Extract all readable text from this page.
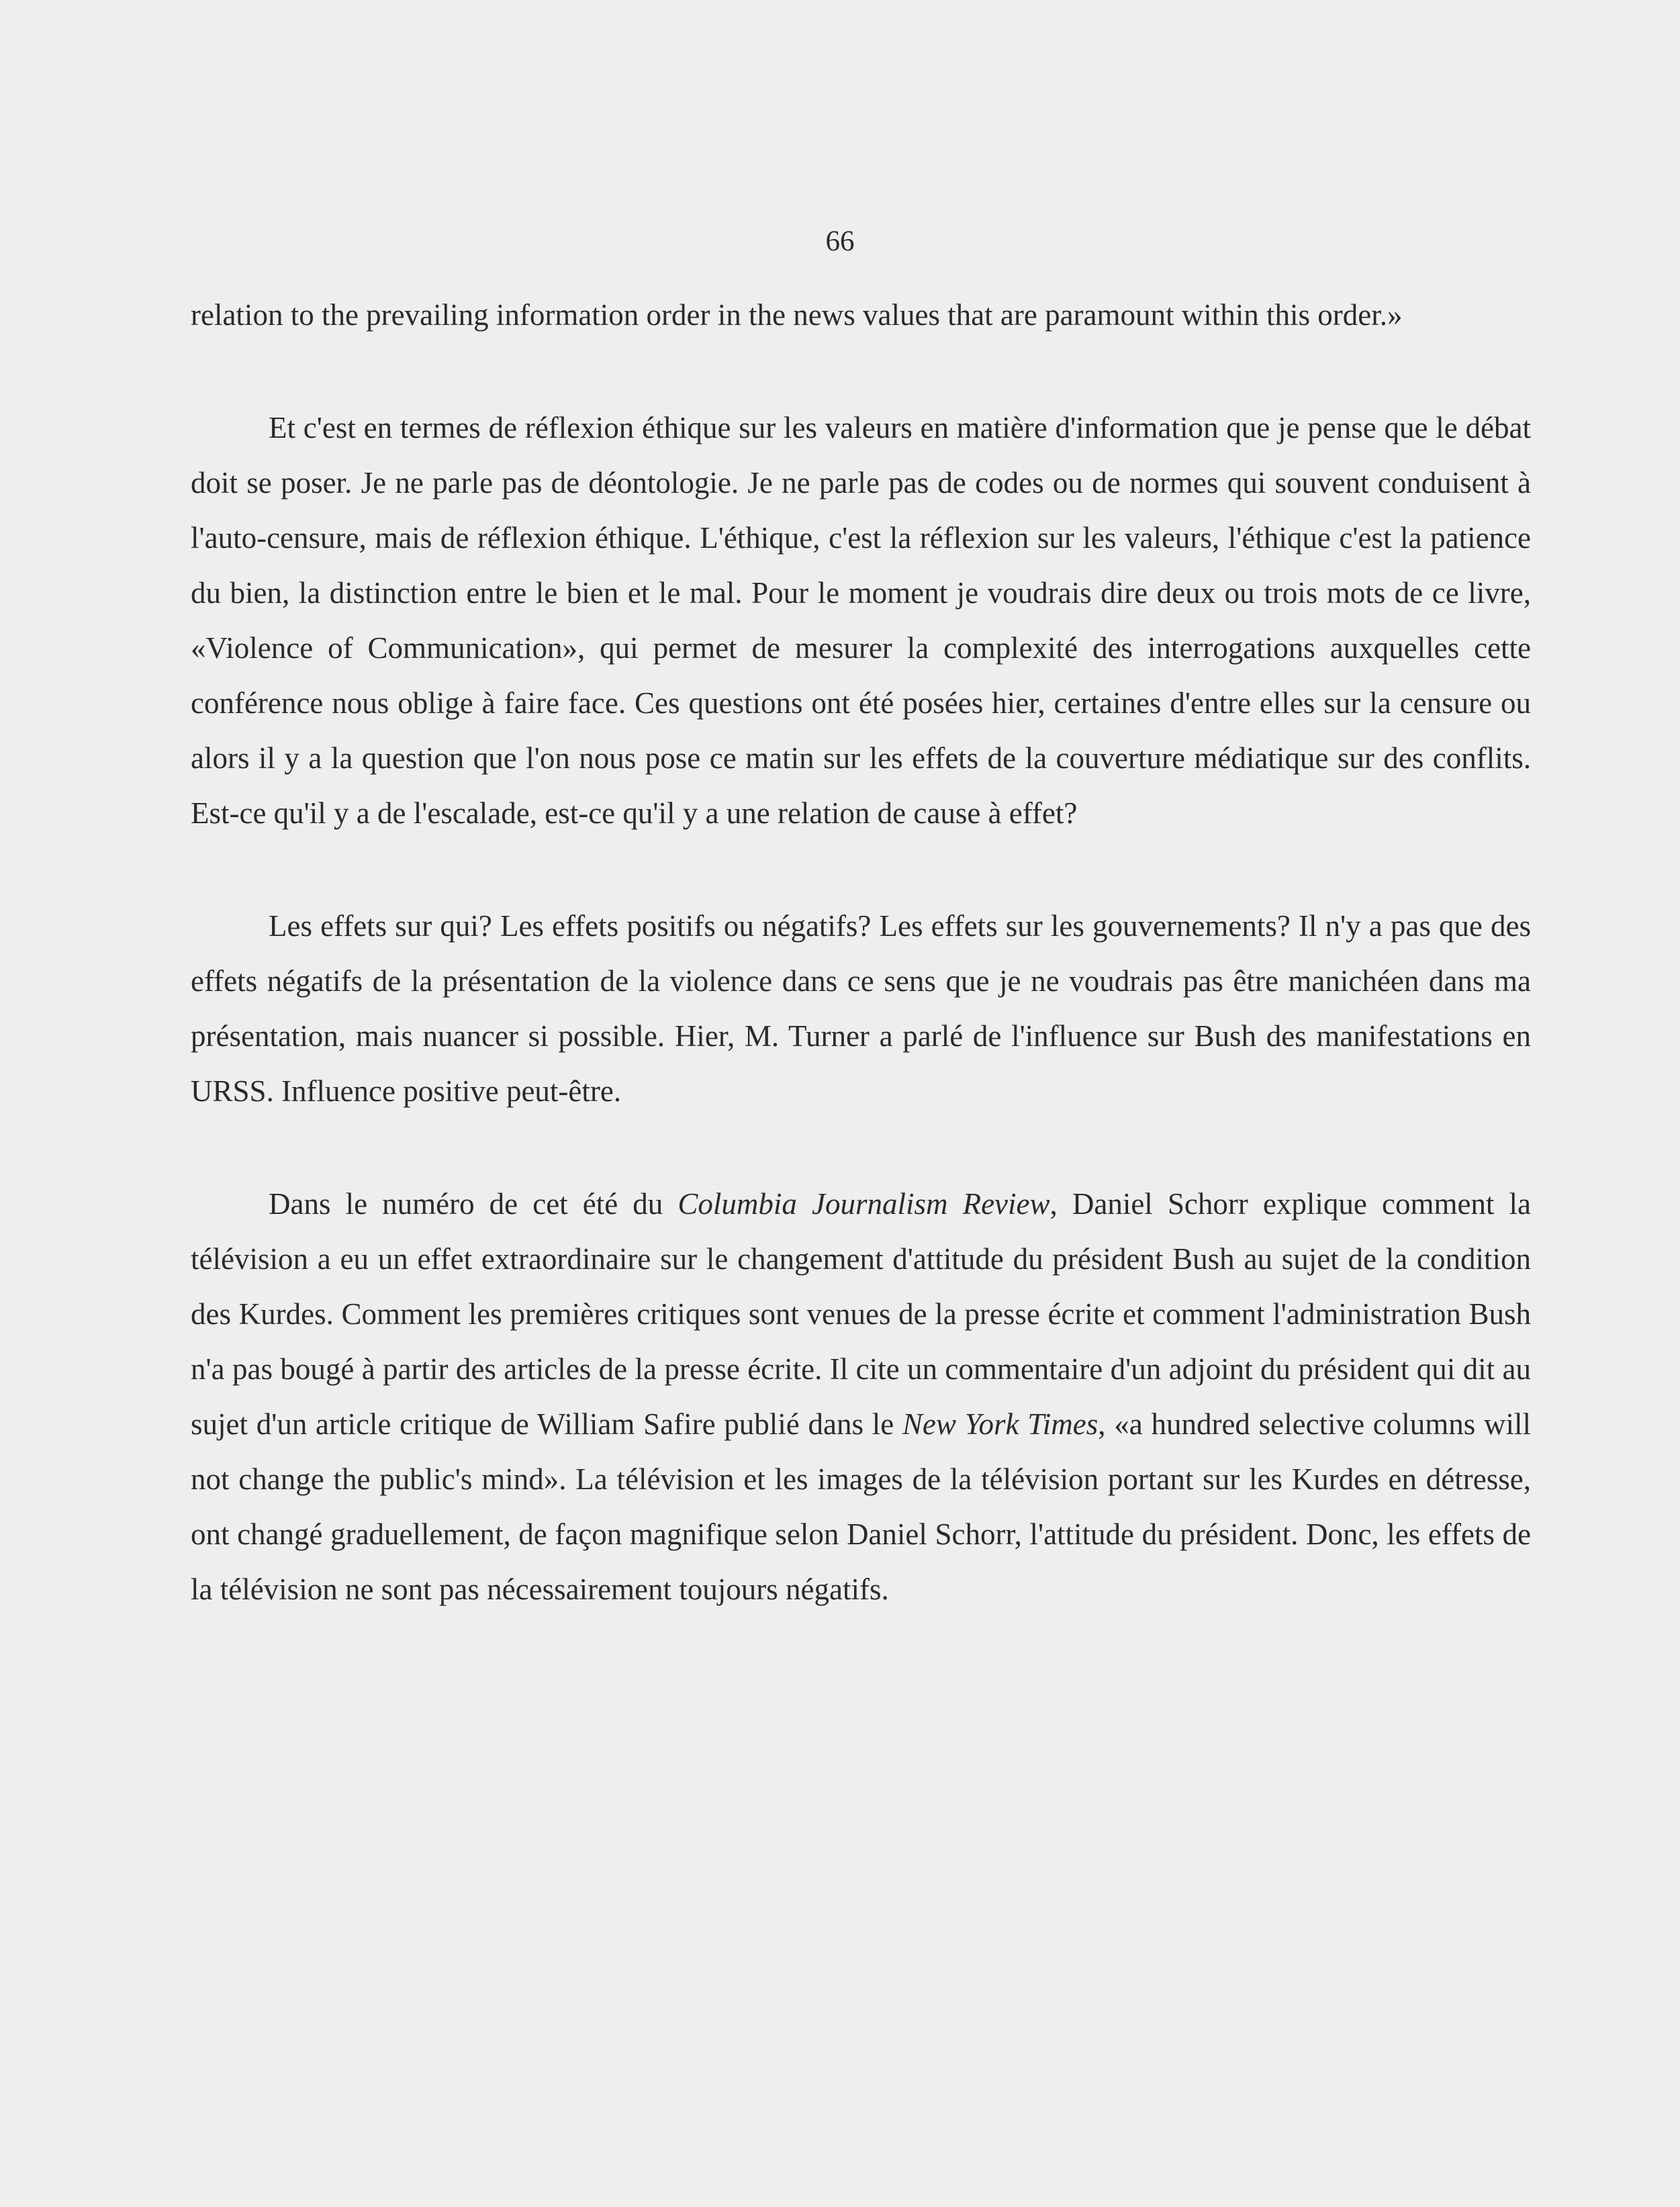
66

relation to the prevailing information order in the news values that are paramount within this order.»

Et c'est en termes de réflexion éthique sur les valeurs en matière d'information que je pense que le débat doit se poser. Je ne parle pas de déontologie. Je ne parle pas de codes ou de normes qui souvent conduisent à l'auto-censure, mais de réflexion éthique. L'éthique, c'est la réflexion sur les valeurs, l'éthique c'est la patience du bien, la distinction entre le bien et le mal. Pour le moment je voudrais dire deux ou trois mots de ce livre, «Violence of Communication», qui permet de mesurer la complexité des interrogations auxquelles cette conférence nous oblige à faire face. Ces questions ont été posées hier, certaines d'entre elles sur la censure ou alors il y a la question que l'on nous pose ce matin sur les effets de la couverture médiatique sur des conflits. Est-ce qu'il y a de l'escalade, est-ce qu'il y a une relation de cause à effet?

Les effets sur qui? Les effets positifs ou négatifs? Les effets sur les gouvernements? Il n'y a pas que des effets négatifs de la présentation de la violence dans ce sens que je ne voudrais pas être manichéen dans ma présentation, mais nuancer si possible. Hier, M. Turner a parlé de l'influence sur Bush des manifestations en URSS. Influence positive peut-être.

Dans le numéro de cet été du Columbia Journalism Review, Daniel Schorr explique comment la télévision a eu un effet extraordinaire sur le changement d'attitude du président Bush au sujet de la condition des Kurdes. Comment les premières critiques sont venues de la presse écrite et comment l'administration Bush n'a pas bougé à partir des articles de la presse écrite. Il cite un commentaire d'un adjoint du président qui dit au sujet d'un article critique de William Safire publié dans le New York Times, «a hundred selective columns will not change the public's mind». La télévision et les images de la télévision portant sur les Kurdes en détresse, ont changé graduellement, de façon magnifique selon Daniel Schorr, l'attitude du président. Donc, les effets de la télévision ne sont pas nécessairement toujours négatifs.
